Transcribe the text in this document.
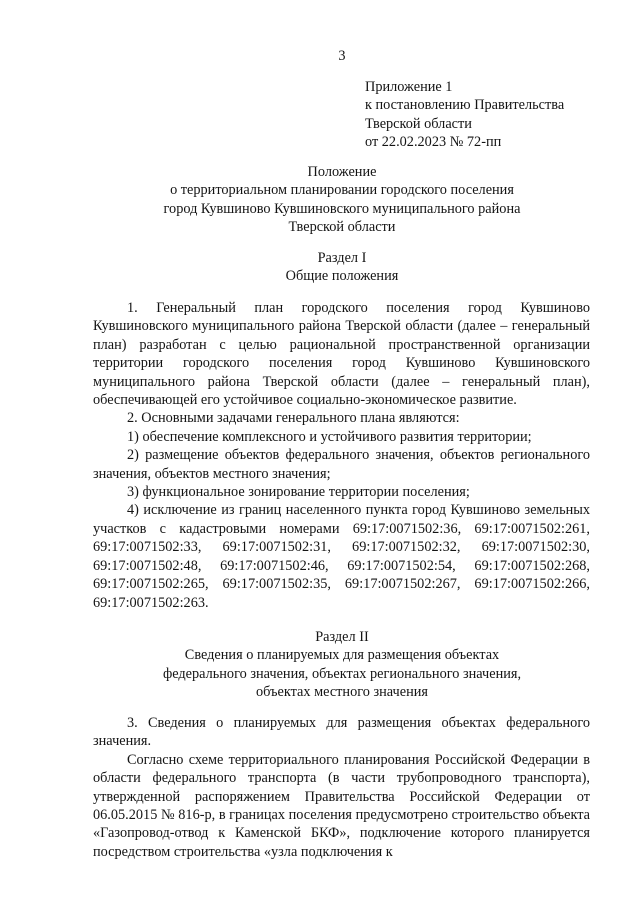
3
Приложение 1
к постановлению Правительства
Тверской области
от 22.02.2023 № 72-пп
Положение
о территориальном планировании городского поселения
город Кувшиново Кувшиновского муниципального района
Тверской области
Раздел I
Общие положения

1. Генеральный план городского поселения город Кувшиново Кувшиновского муниципального района Тверской области (далее – генеральный план) разработан с целью рациональной пространственной организации территории городского поселения город Кувшиново Кувшиновского муниципального района Тверской области (далее – генеральный план), обеспечивающей его устойчивое социально-экономическое развитие.

2. Основными задачами генерального плана являются:

1) обеспечение комплексного и устойчивого развития территории;

2) размещение объектов федерального значения, объектов регионального значения, объектов местного значения;

3) функциональное зонирование территории поселения;

4) исключение из границ населенного пункта город Кувшиново земельных участков с кадастровыми номерами 69:17:0071502:36, 69:17:0071502:261, 69:17:0071502:33, 69:17:0071502:31, 69:17:0071502:32, 69:17:0071502:30, 69:17:0071502:48, 69:17:0071502:46, 69:17:0071502:54, 69:17:0071502:268, 69:17:0071502:265, 69:17:0071502:35, 69:17:0071502:267, 69:17:0071502:266, 69:17:0071502:263.

Раздел II
Сведения о планируемых для размещения объектах
федерального значения, объектах регионального значения,
объектах местного значения

3. Сведения о планируемых для размещения объектах федерального значения.

Согласно схеме территориального планирования Российской Федерации в области федерального транспорта (в части трубопроводного транспорта), утвержденной распоряжением Правительства Российской Федерации от 06.05.2015 № 816-р, в границах поселения предусмотрено строительство объекта «Газопровод-отвод к Каменской БКФ», подключение которого планируется посредством строительства «узла подключения к
